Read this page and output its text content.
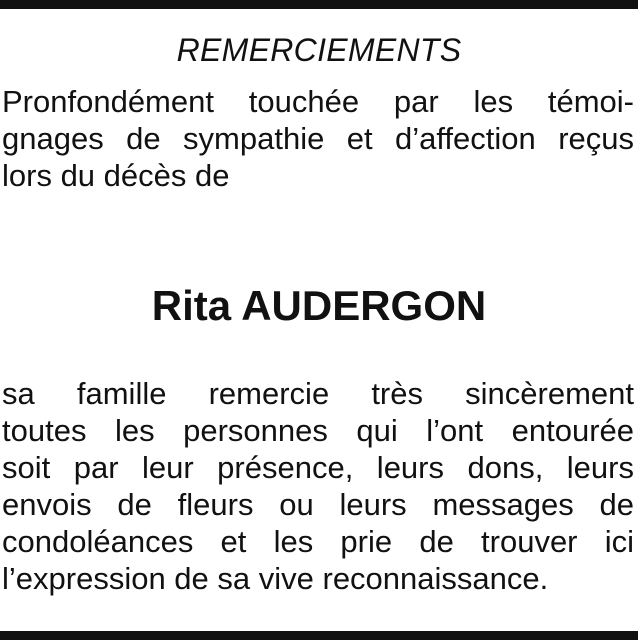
REMERCIEMENTS
Pronfondément touchée par les témoi-
gnages de sympathie et d’affection reçus
lors du décès de
Rita AUDERGON
sa famille remercie très sincèrement
toutes les personnes qui l’ont entourée
soit par leur présence, leurs dons, leurs
envois de fleurs ou leurs messages de
condoléances et les prie de trouver ici
l’expression de sa vive reconnaissance.
